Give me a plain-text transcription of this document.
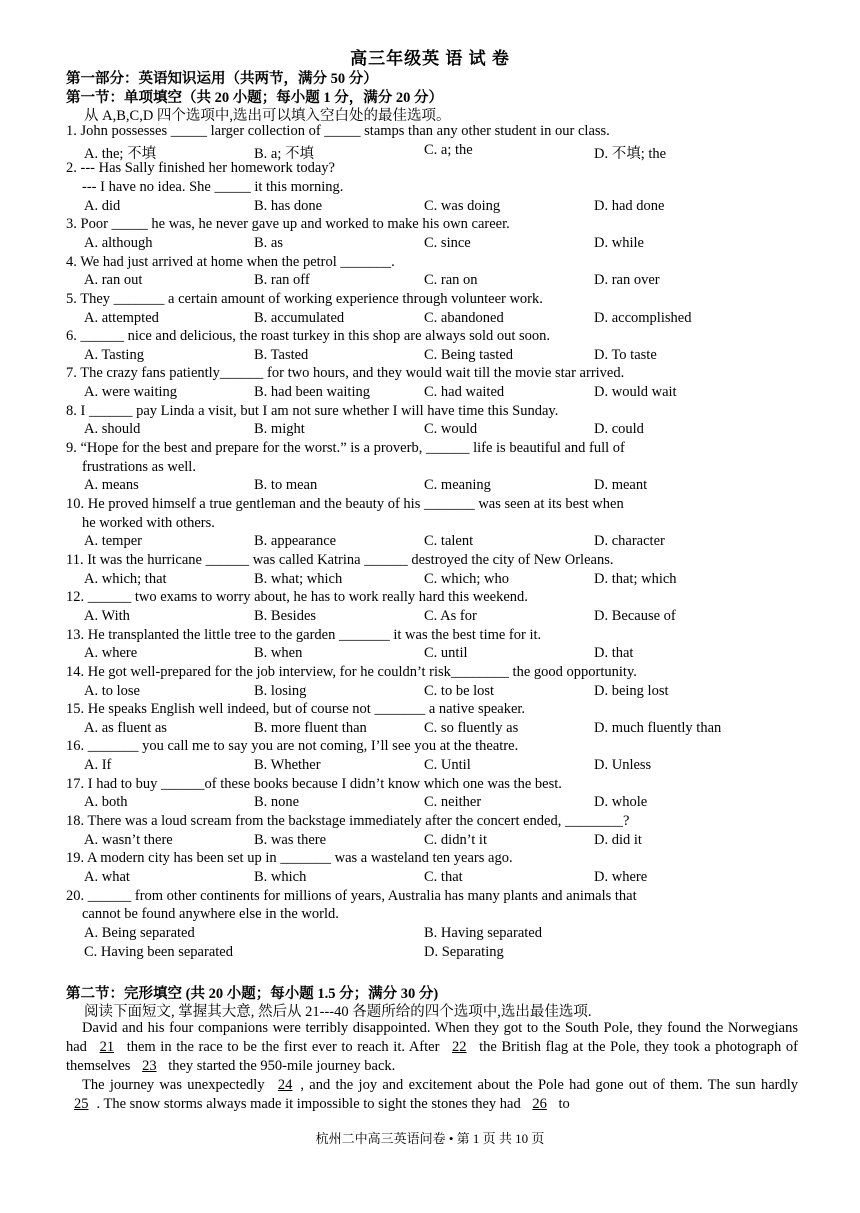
高三年级英 语 试 卷
第一部分：英语知识运用（共两节，满分 50 分）
第一节：单项填空（共 20 小题；每小题 1 分，满分 20 分）
从 A,B,C,D 四个选项中,选出可以填入空白处的最佳选项。
1. John possesses _____ larger collection of _____ stamps than any other student in our class.
A. the; 不填	B. a; 不填	C. a; the	D. 不填; the
2. --- Has Sally finished her homework today?
--- I have no idea. She _____ it this morning.
A. did	B. has done	C. was doing	D. had done
3. Poor _____ he was, he never gave up and worked to make his own career.
A. although	B. as	C. since	D. while
4. We had just arrived at home when the petrol _______.
A. ran out	B. ran off	C. ran on	D. ran over
5. They _______ a certain amount of working experience through volunteer work.
A. attempted	B. accumulated	C. abandoned	D. accomplished
6. ______ nice and delicious, the roast turkey in this shop are always sold out soon.
A. Tasting	B. Tasted	C. Being tasted	D. To taste
7. The crazy fans patiently______ for two hours, and they would wait till the movie star arrived.
A. were waiting	B. had been waiting	C. had waited	D. would wait
8. I ______ pay Linda a visit, but I am not sure whether I will have time this Sunday.
A. should	B. might	C. would	D. could
9. “Hope for the best and prepare for the worst.” is a proverb, ______ life is beautiful and full of
frustrations as well.
A. means	B. to mean	C. meaning	D. meant
10. He proved himself a true gentleman and the beauty of his _______ was seen at its best when
he worked with others.
A. temper	B. appearance	C. talent	D. character
11. It was the hurricane ______ was called Katrina ______ destroyed the city of New Orleans.
A. which; that	B. what; which	C. which; who	D. that; which
12. ______ two exams to worry about, he has to work really hard this weekend.
A. With	B. Besides	C. As for	D. Because of
13. He transplanted the little tree to the garden _______ it was the best time for it.
A. where	B. when	C. until	D. that
14. He got well-prepared for the job interview, for he couldn’t risk________ the good opportunity.
A. to lose	B. losing	C. to be lost	D. being lost
15. He speaks English well indeed, but of course not _______ a native speaker.
A. as fluent as	B. more fluent than	C. so fluently as	D. much fluently than
16. _______ you call me to say you are not coming, I’ll see you at the theatre.
A. If	B. Whether	C. Until	D. Unless
17. I had to buy ______of these books because I didn’t know which one was the best.
A. both	B. none	C. neither	D. whole
18. There was a loud scream from the backstage immediately after the concert ended, ________?
A. wasn’t there	B. was there	C. didn’t it	D. did it
19. A modern city has been set up in _______ was a wasteland ten years ago.
A. what	B. which	C. that	D. where
20. ______ from other continents for millions of years, Australia has many plants and animals that
cannot be found anywhere else in the world.
A. Being separated	B. Having separated
C. Having been separated	D. Separating
第二节：完形填空 (共 20 小题；每小题 1.5 分；满分 30 分)
阅读下面短文, 掌握其大意, 然后从 21---40 各题所给的四个选项中,选出最佳选项.
David and his four companions were terribly disappointed. When they got to the South Pole, they found the Norwegians had 21 them in the race to be the first ever to reach it. After 22 the British flag at the Pole, they took a photograph of themselves 23 they started the 950-mile journey back.
The journey was unexpectedly 24 , and the joy and excitement about the Pole had gone out of them. The sun hardly 25 . The snow storms always made it impossible to sight the stones they had 26 to
杭州二中高三英语问卷 • 第 1 页 共 10 页
